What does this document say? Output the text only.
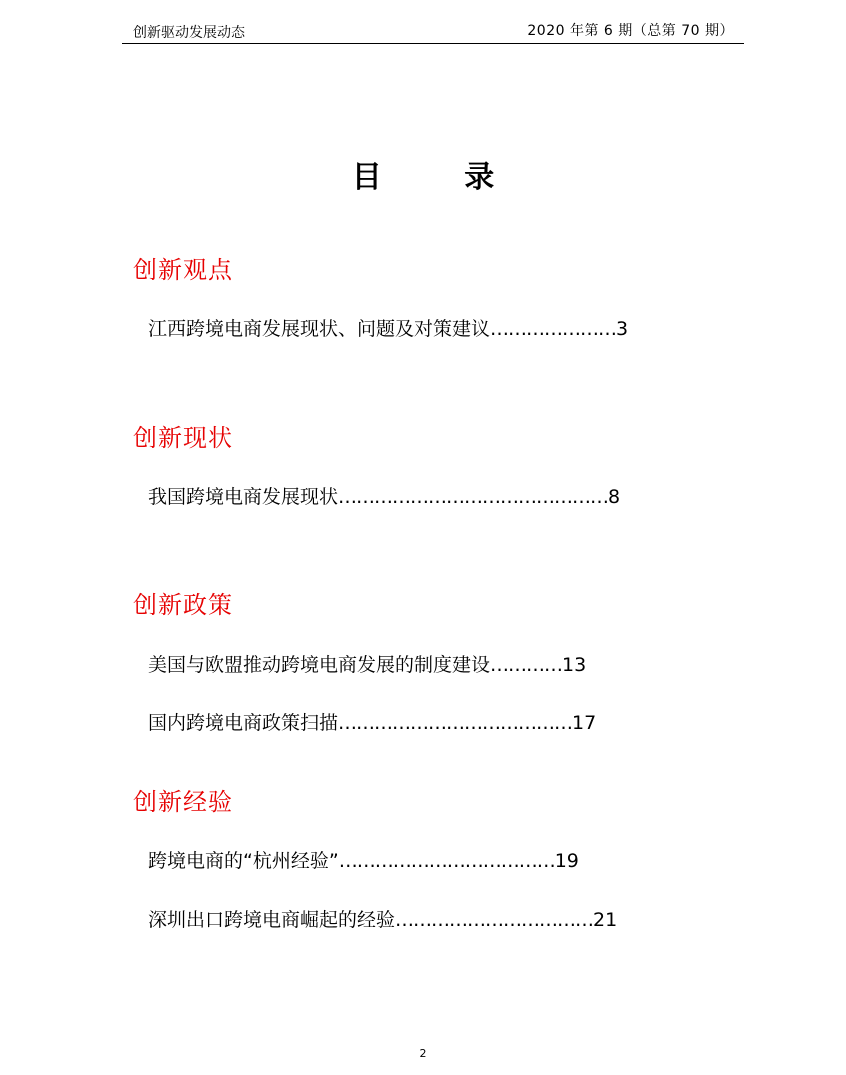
创新驱动发展动态	2020 年第 6 期（总第 70 期）
目 录
创新观点
江西跨境电商发展现状、问题及对策建议 ………………… 3
创新现状
我国跨境电商发展现状 ……………………………………… 8
创新政策
美国与欧盟推动跨境电商发展的制度建设 ………… 13
国内跨境电商政策扫描 ………………………………… 17
创新经验
跨境电商的“杭州经验” ……………………………… 19
深圳出口跨境电商崛起的经验 …………………………… 21
2
